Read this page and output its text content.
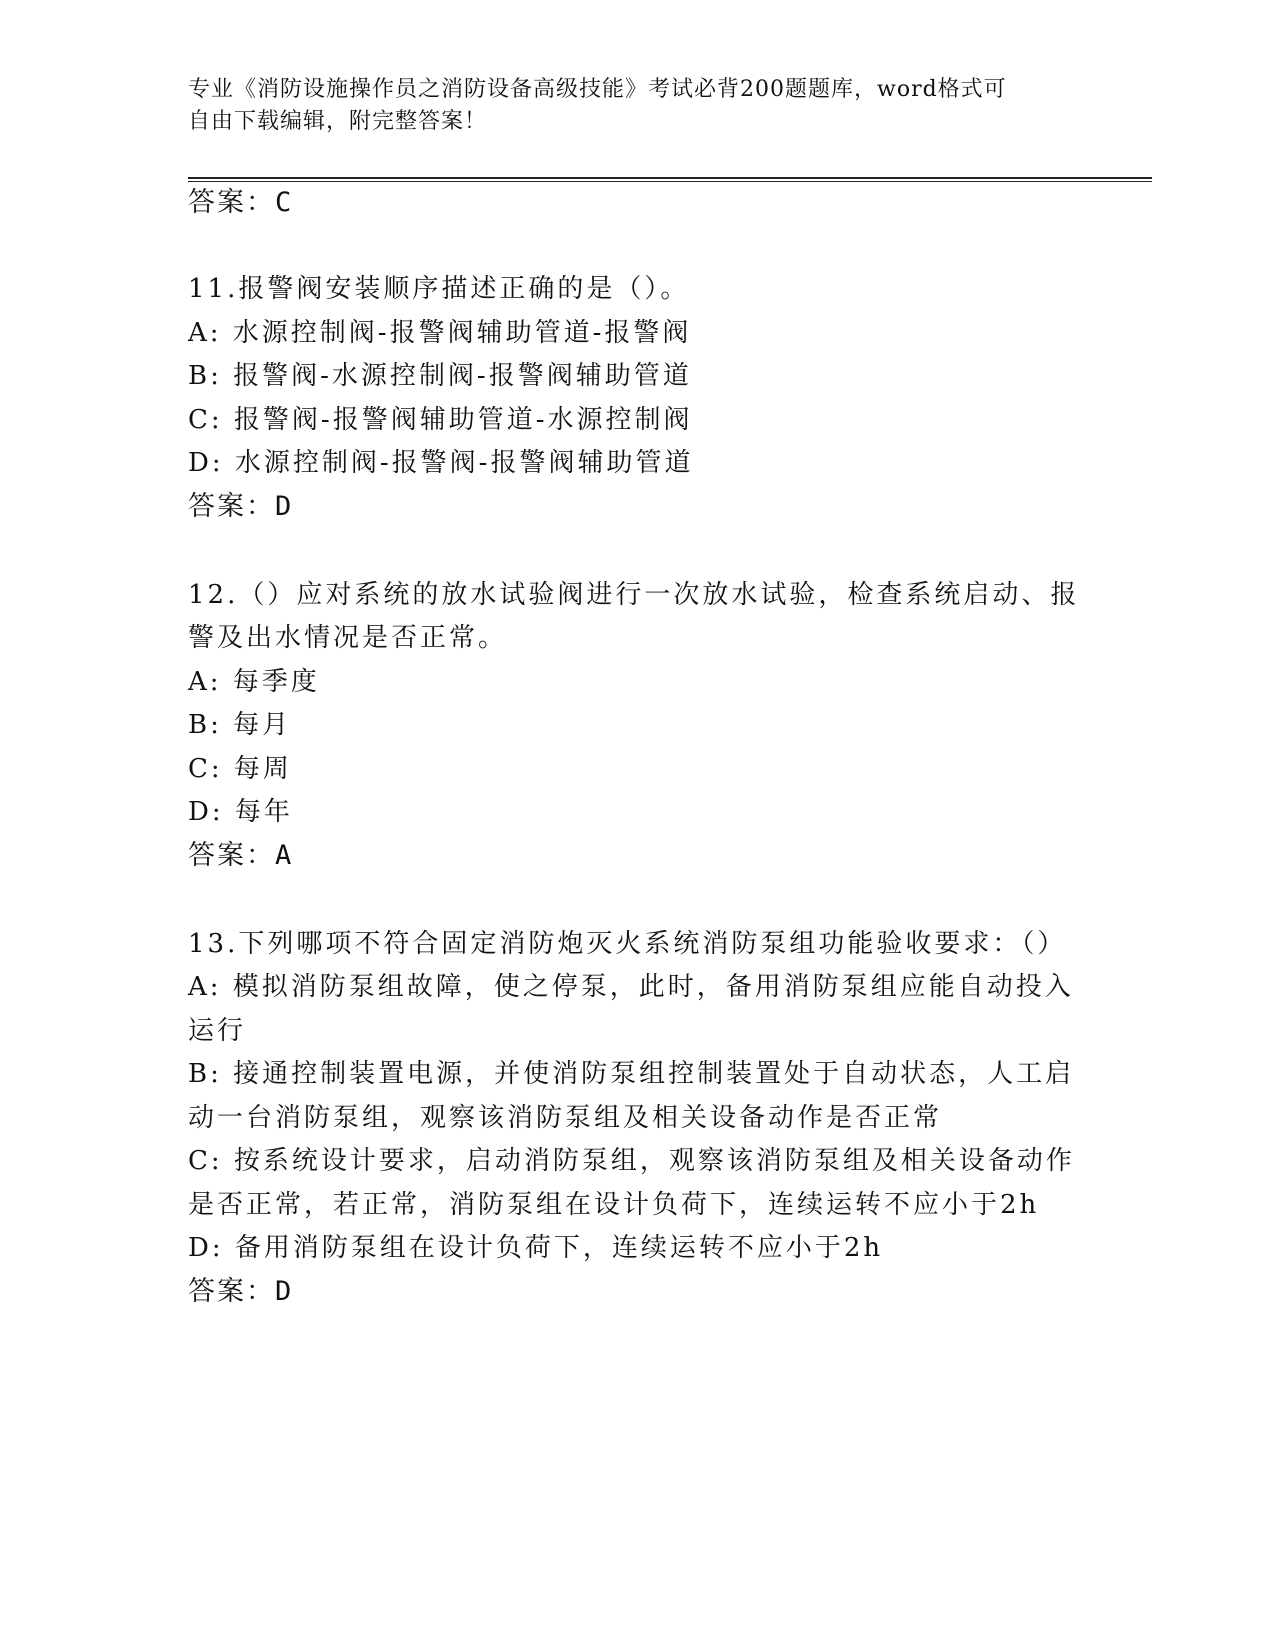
专业《消防设施操作员之消防设备高级技能》考试必背200题题库，word格式可
自由下载编辑，附完整答案！
答案：C
11.报警阀安装顺序描述正确的是（）。
A: 水源控制阀-报警阀辅助管道-报警阀
B: 报警阀-水源控制阀-报警阀辅助管道
C: 报警阀-报警阀辅助管道-水源控制阀
D: 水源控制阀-报警阀-报警阀辅助管道
答案：D
12.（）应对系统的放水试验阀进行一次放水试验，检查系统启动、报
警及出水情况是否正常。
A: 每季度
B: 每月
C: 每周
D: 每年
答案：A
13.下列哪项不符合固定消防炮灭火系统消防泵组功能验收要求：（）
A: 模拟消防泵组故障，使之停泵，此时，备用消防泵组应能自动投入
运行
B: 接通控制装置电源，并使消防泵组控制装置处于自动状态，人工启
动一台消防泵组，观察该消防泵组及相关设备动作是否正常
C: 按系统设计要求，启动消防泵组，观察该消防泵组及相关设备动作
是否正常，若正常，消防泵组在设计负荷下，连续运转不应小于2h
D: 备用消防泵组在设计负荷下，连续运转不应小于2h
答案：D
